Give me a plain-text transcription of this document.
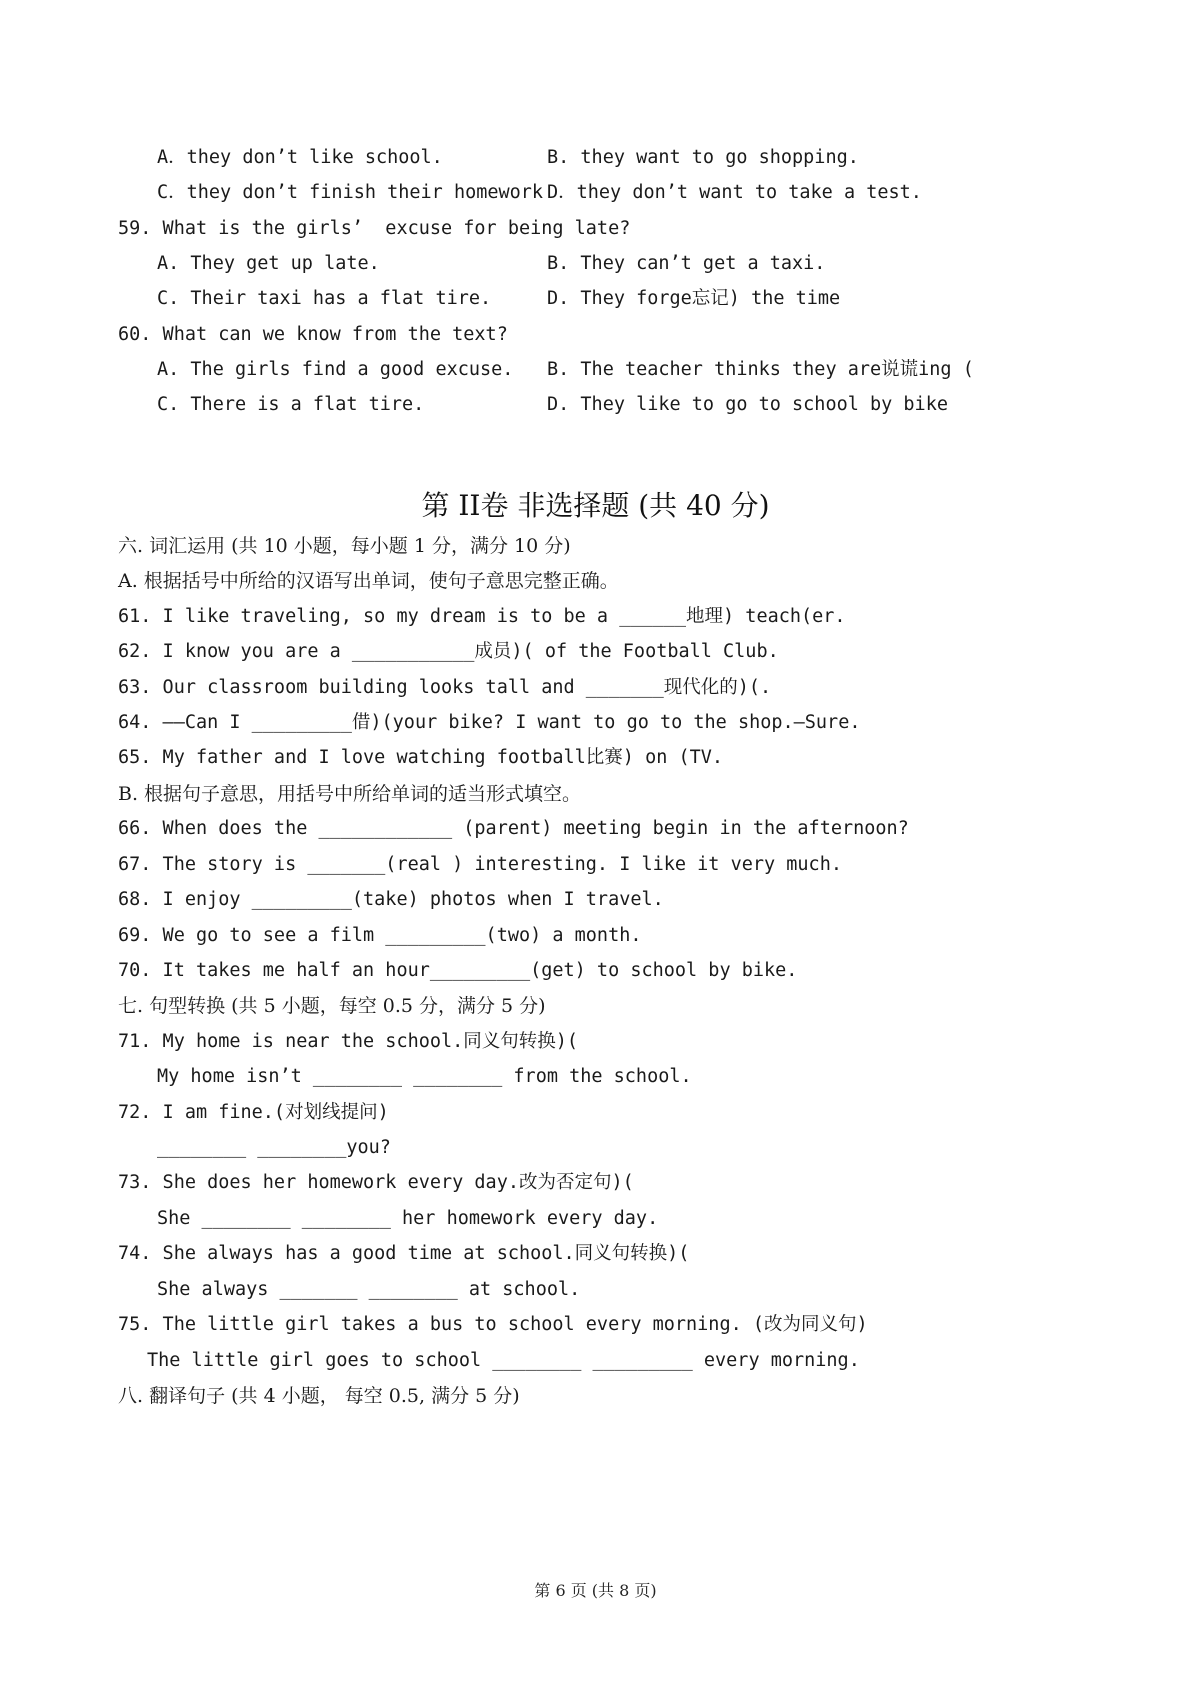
A．they don’t like school.	B. they want to go shopping.
C．they don’t finish their homework D．they don’t want to take a test.
59. What is the girls’  excuse for being late?
A. They get up late.	B. They can’t get a taxi.
C. Their taxi has a flat tire.	D. They forge忘记) the time
60. What can we know from the text?
A. The girls find a good excuse. B. The teacher thinks they are说谎ing (
C. There is a flat tire.	D. They like to go to school by bike
第 II卷 非选择题 (共 40 分)
六. 词汇运用 (共 10 小题，每小题 1 分，满分 10 分)
A. 根据括号中所给的汉语写出单词，使句子意思完整正确。
61. I like traveling, so my dream is to be a ______地理) teach(er.
62. I know you are a ___________成员)( of the Football Club.
63. Our classroom building looks tall and _______现代化的)(.
64. ——Can I _________借)(your bike? I want to go to the shop.—Sure.
65. My father and I love watching football比赛) on (TV.
B. 根据句子意思，用括号中所给单词的适当形式填空。
66. When does the ____________ (parent) meeting begin in the afternoon?
67. The story is _______(real ) interesting. I like it very much.
68. I enjoy _________(take) photos when I travel.
69. We go to see a film _________(two) a month.
70. It takes me half an hour_________(get) to school by bike.
七. 句型转换 (共 5 小题，每空 0.5 分，满分 5 分)
71. My home is near the school.同义句转换)(
My home isn’t ________ ________ from the school.
72. I am fine.(对划线提问)
________ ________you?
73. She does her homework every day.改为否定句)(
She ________ ________ her homework every day.
74. She always has a good time at school.同义句转换)(
She always _______ ________ at school.
75. The little girl takes a bus to school every morning. (改为同义句)
The little girl goes to school ________ _________ every morning.
八. 翻译句子 (共 4 小题， 每空 0.5, 满分 5 分)
第 6 页 (共 8 页)
